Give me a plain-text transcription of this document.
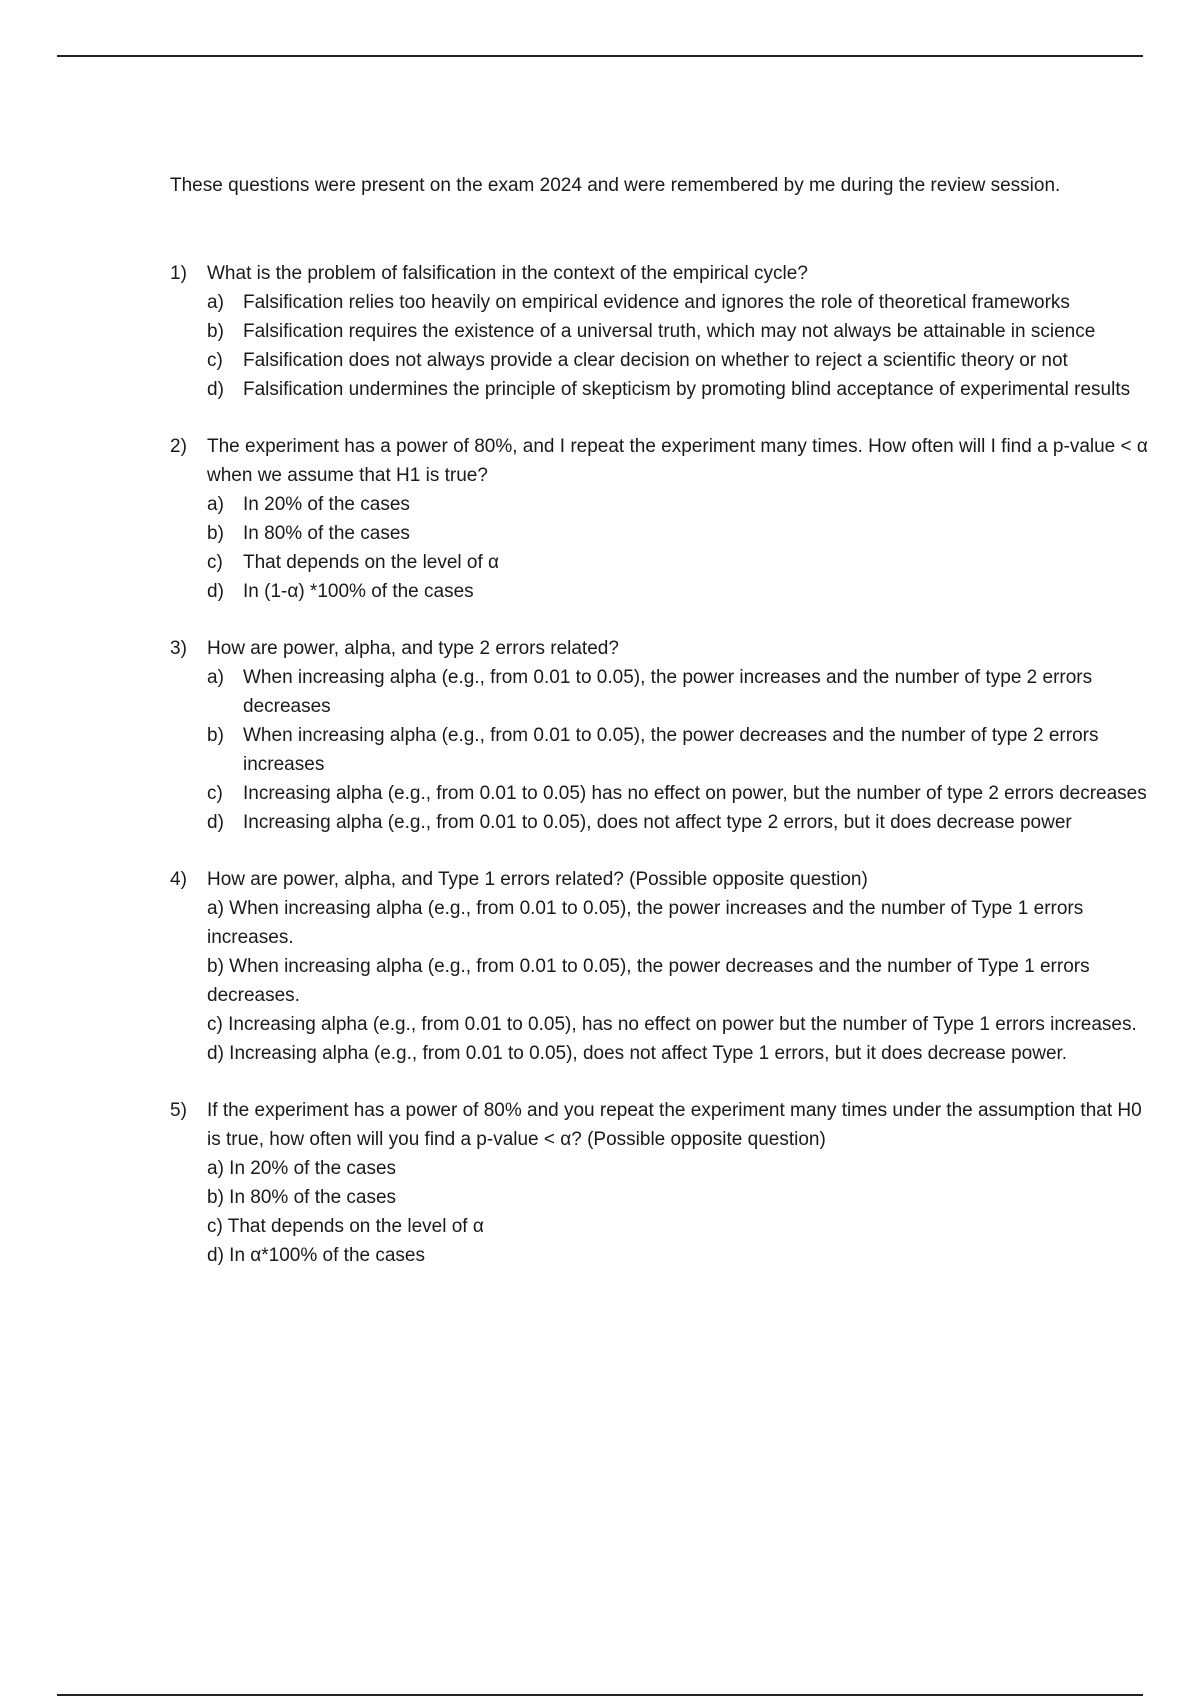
These questions were present on the exam 2024 and were remembered by me during the review session.

1) What is the problem of falsification in the context of the empirical cycle?
a) Falsification relies too heavily on empirical evidence and ignores the role of theoretical frameworks
b) Falsification requires the existence of a universal truth, which may not always be attainable in science
c) Falsification does not always provide a clear decision on whether to reject a scientific theory or not
d) Falsification undermines the principle of skepticism by promoting blind acceptance of experimental results
2) The experiment has a power of 80%, and I repeat the experiment many times. How often will I find a p-value < α when we assume that H1 is true?
a) In 20% of the cases
b) In 80% of the cases
c) That depends on the level of α
d) In (1-α) *100% of the cases
3) How are power, alpha, and type 2 errors related?
a) When increasing alpha (e.g., from 0.01 to 0.05), the power increases and the number of type 2 errors decreases
b) When increasing alpha (e.g., from 0.01 to 0.05), the power decreases and the number of type 2 errors increases
c) Increasing alpha (e.g., from 0.01 to 0.05) has no effect on power, but the number of type 2 errors decreases
d) Increasing alpha (e.g., from 0.01 to 0.05), does not affect type 2 errors, but it does decrease power
4) How are power, alpha, and Type 1 errors related? (Possible opposite question)
a) When increasing alpha (e.g., from 0.01 to 0.05), the power increases and the number of Type 1 errors increases.
b) When increasing alpha (e.g., from 0.01 to 0.05), the power decreases and the number of Type 1 errors decreases.
c) Increasing alpha (e.g., from 0.01 to 0.05), has no effect on power but the number of Type 1 errors increases.
d) Increasing alpha (e.g., from 0.01 to 0.05), does not affect Type 1 errors, but it does decrease power.
5) If the experiment has a power of 80% and you repeat the experiment many times under the assumption that H0 is true, how often will you find a p-value < α? (Possible opposite question)
a) In 20% of the cases
b) In 80% of the cases
c) That depends on the level of α
d) In α*100% of the cases
